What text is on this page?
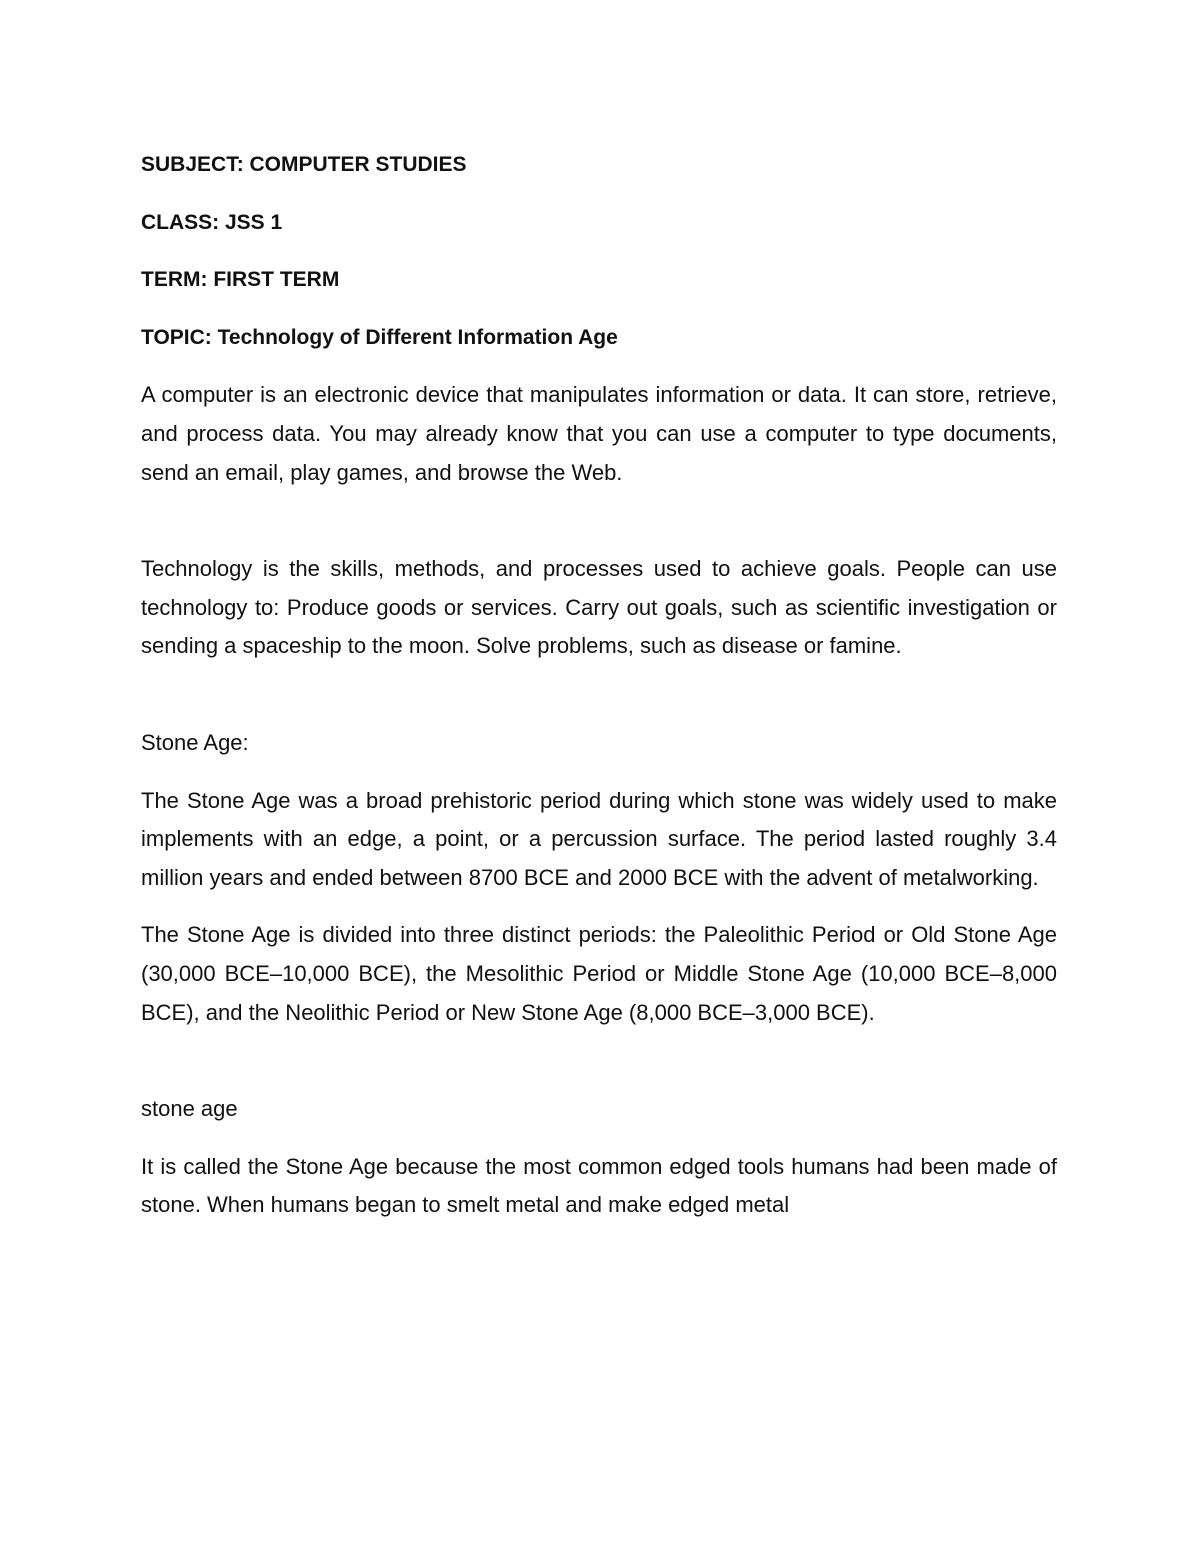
SUBJECT: COMPUTER STUDIES

CLASS: JSS 1

TERM: FIRST TERM

TOPIC: Technology of Different Information Age

A computer is an electronic device that manipulates information or data. It can store, retrieve, and process data. You may already know that you can use a computer to type documents, send an email, play games, and browse the Web.

Technology is the skills, methods, and processes used to achieve goals. People can use technology to: Produce goods or services. Carry out goals, such as scientific investigation or sending a spaceship to the moon. Solve problems, such as disease or famine.

Stone Age:

The Stone Age was a broad prehistoric period during which stone was widely used to make implements with an edge, a point, or a percussion surface. The period lasted roughly 3.4 million years and ended between 8700 BCE and 2000 BCE with the advent of metalworking.

The Stone Age is divided into three distinct periods: the Paleolithic Period or Old Stone Age (30,000 BCE–10,000 BCE), the Mesolithic Period or Middle Stone Age (10,000 BCE–8,000 BCE), and the Neolithic Period or New Stone Age (8,000 BCE–3,000 BCE).

stone age

It is called the Stone Age because the most common edged tools humans had been made of stone. When humans began to smelt metal and make edged metal
